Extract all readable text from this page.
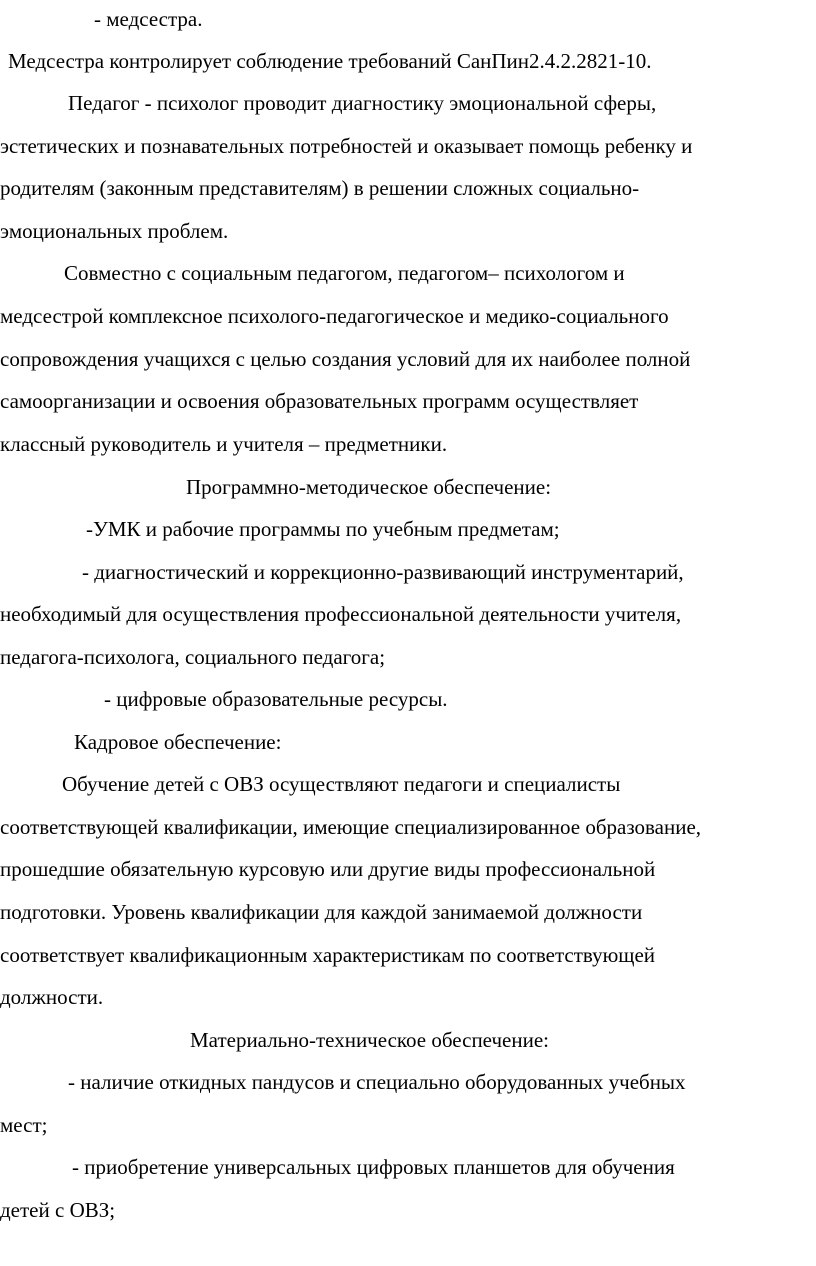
- медсестра.
Медсестра контролирует соблюдение требований СанПин2.4.2.2821-10.
Педагог - психолог проводит диагностику эмоциональной сферы,
эстетических и познавательных потребностей и оказывает помощь ребенку и
родителям (законным представителям) в решении сложных социально-
эмоциональных проблем.
Совместно с социальным педагогом, педагогом– психологом и
медсестрой комплексное психолого-педагогическое и медико-социального
сопровождения учащихся с целью создания условий для их наиболее полной
самоорганизации и освоения образовательных программ осуществляет
классный руководитель и учителя – предметники.
Программно-методическое обеспечение:
-УМК и рабочие программы по учебным предметам;
- диагностический и коррекционно-развивающий инструментарий,
необходимый для осуществления профессиональной деятельности учителя,
педагога-психолога, социального педагога;
- цифровые образовательные ресурсы.
Кадровое обеспечение:
Обучение детей с ОВЗ осуществляют педагоги и специалисты
соответствующей квалификации, имеющие специализированное образование,
прошедшие обязательную курсовую или другие виды профессиональной
подготовки. Уровень квалификации для каждой занимаемой должности
соответствует квалификационным характеристикам по соответствующей
должности.
Материально-техническое обеспечение:
- наличие откидных пандусов и специально оборудованных учебных
мест;
- приобретение универсальных цифровых планшетов для обучения
детей с ОВЗ;
